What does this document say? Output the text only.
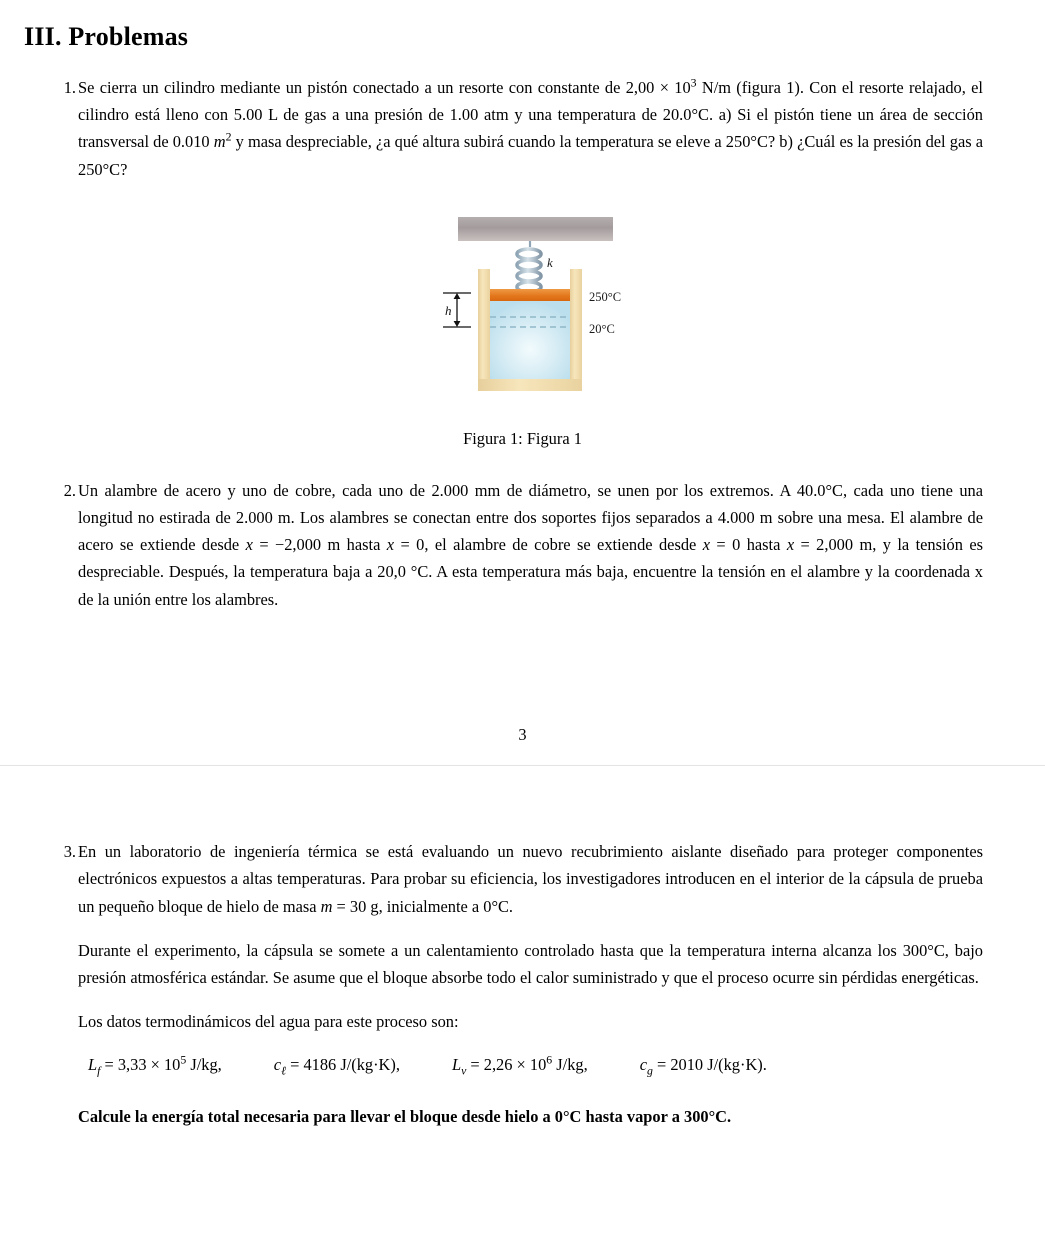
III. Problemas
1. Se cierra un cilindro mediante un pistón conectado a un resorte con constante de $2,00 \times 10^3$ N/m (figura 1). Con el resorte relajado, el cilindro está lleno con 5.00 L de gas a una presión de 1.00 atm y una temperatura de 20.0°C. a) Si el pistón tiene un área de sección transversal de 0.010 $m^2$ y masa despreciable, ¿a qué altura subirá cuando la temperatura se eleve a 250°C? b) ¿Cuál es la presión del gas a 250°C?

k
h
250°C
20°C
Figura 1: Figura 1
2. Un alambre de acero y uno de cobre, cada uno de 2.000 mm de diámetro, se unen por los extremos. A 40.0°C, cada uno tiene una longitud no estirada de 2.000 m. Los alambres se conectan entre dos soportes fijos separados a 4.000 m sobre una mesa. El alambre de acero se extiende desde x = −2,000 m hasta x = 0, el alambre de cobre se extiende desde x = 0 hasta x = 2,000 m, y la tensión es despreciable. Después, la temperatura baja a 20,0 °C. A esta temperatura más baja, encuentre la tensión en el alambre y la coordenada x de la unión entre los alambres.

3
3. En un laboratorio de ingeniería térmica se está evaluando un nuevo recubrimiento aislante diseñado para proteger componentes electrónicos expuestos a altas temperaturas. Para probar su eficiencia, los investigadores introducen en el interior de la cápsula de prueba un pequeño bloque de hielo de masa m = 30 g, inicialmente a 0°C.

Durante el experimento, la cápsula se somete a un calentamiento controlado hasta que la temperatura interna alcanza los 300°C, bajo presión atmosférica estándar. Se asume que el bloque absorbe todo el calor suministrado y que el proceso ocurre sin pérdidas energéticas.

Los datos termodinámicos del agua para este proceso son:

$L_f = 3,33 \times 10^5$ J/kg,	$c_\ell = 4186$ J/(kg·K),	$L_v = 2,26 \times 10^6$ J/kg,	$c_g = 2010$ J/(kg·K).

Calcule la energía total necesaria para llevar el bloque desde hielo a 0°C hasta vapor a 300°C.
